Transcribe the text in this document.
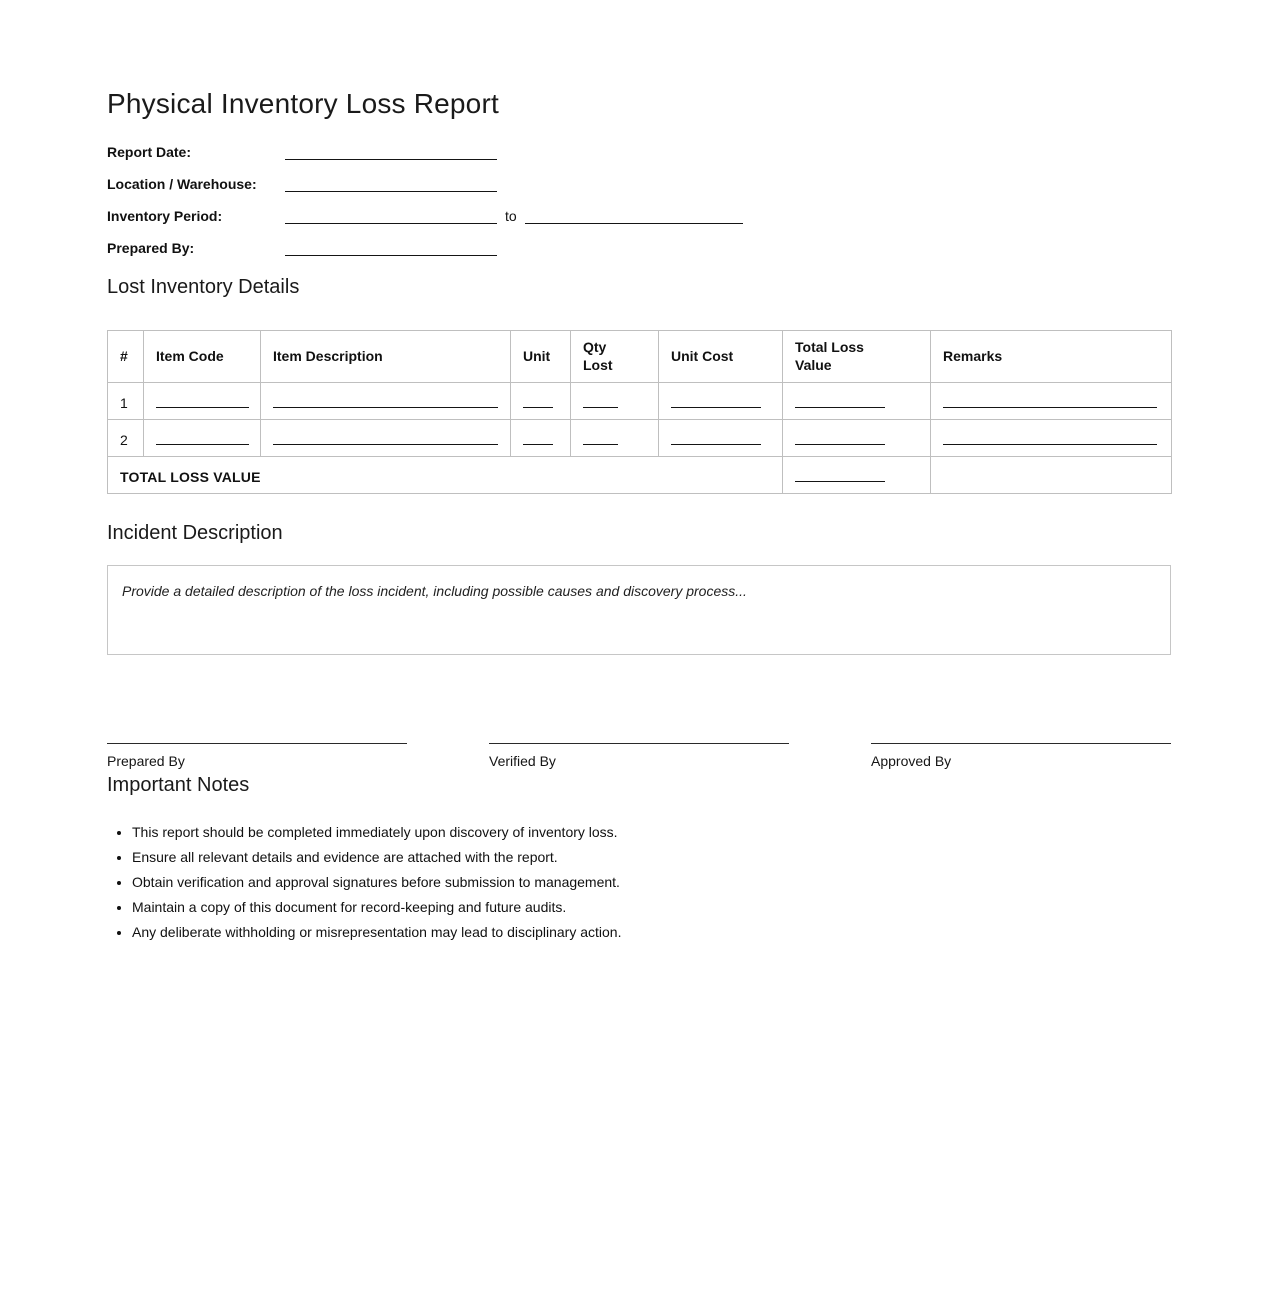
Physical Inventory Loss Report
Report Date:
Location / Warehouse:
Inventory Period:	to
Prepared By:
Lost Inventory Details
#	Item Code	Item Description	Unit	Qty Lost	Unit Cost	Total Loss Value	Remarks
1							
2							
TOTAL LOSS VALUE							
Incident Description
Provide a detailed description of the loss incident, including possible causes and discovery process...
Prepared By	Verified By	Approved By
Important Notes
• This report should be completed immediately upon discovery of inventory loss.
• Ensure all relevant details and evidence are attached with the report.
• Obtain verification and approval signatures before submission to management.
• Maintain a copy of this document for record-keeping and future audits.
• Any deliberate withholding or misrepresentation may lead to disciplinary action.
